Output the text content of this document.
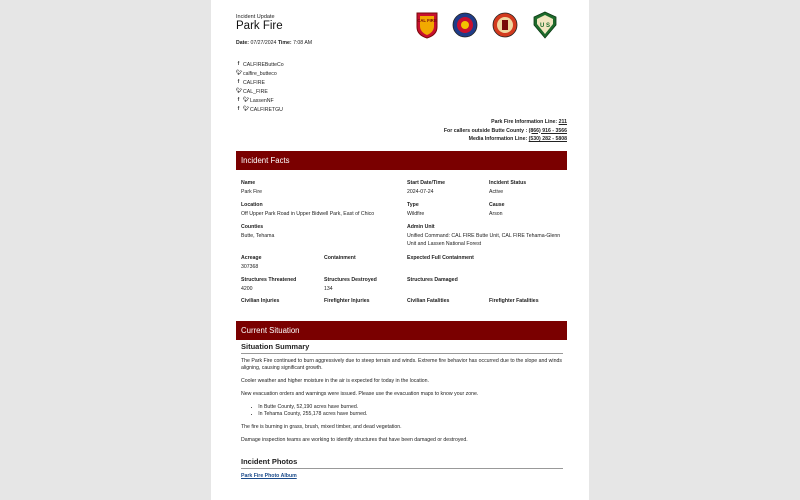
Incident Update
Park Fire	CAL FIRE
U S
Date: 07/27/2024 Time: 7:08 AM
f CALFIREButteCo
🐦︎ calfire_butteco
f CALFIRE
🐦︎ CAL_FIRE
f 🐦︎ LassenNF
f 🐦︎ CALFIRETGU
Park Fire Information Line: 211
For callers outside Butte County : (866) 916 - 3566
Media Information Line: (530) 282 - 5808
Incident Facts
Name
Park Fire
Start Date/Time
2024-07-24
Incident Status
Active
Location
Off Upper Park Road in Upper Bidwell Park, East of Chico
Type
Wildfire
Cause
Arson
Counties
Butte, Tehama
Admin Unit
Unified Command: CAL FIRE Butte Unit, CAL FIRE Tehama-Glenn Unit and Lassen National Forest
Acreage
307368
Containment	Expected Full Containment
Structures Threatened
4200
Structures Destroyed
134
Structures Damaged
Civilian Injuries	Firefighter Injuries	Civilian Fatalities	Firefighter Fatalities
Current Situation
Situation Summary
The Park Fire continued to burn aggressively due to steep terrain and winds. Extreme fire behavior has occurred due to the slope and winds aligning, causing significant growth.
Cooler weather and higher moisture in the air is expected for today in the location.
New evacuation orders and warnings were issued. Please use the evacuation maps to know your zone.
• In Butte County, 52,190 acres have burned.
• In Tehama County, 255,178 acres have burned.
The fire is burning in grass, brush, mixed timber, and dead vegetation.
Damage inspection teams are working to identify structures that have been damaged or destroyed.
Incident Photos
Park Fire Photo Album
